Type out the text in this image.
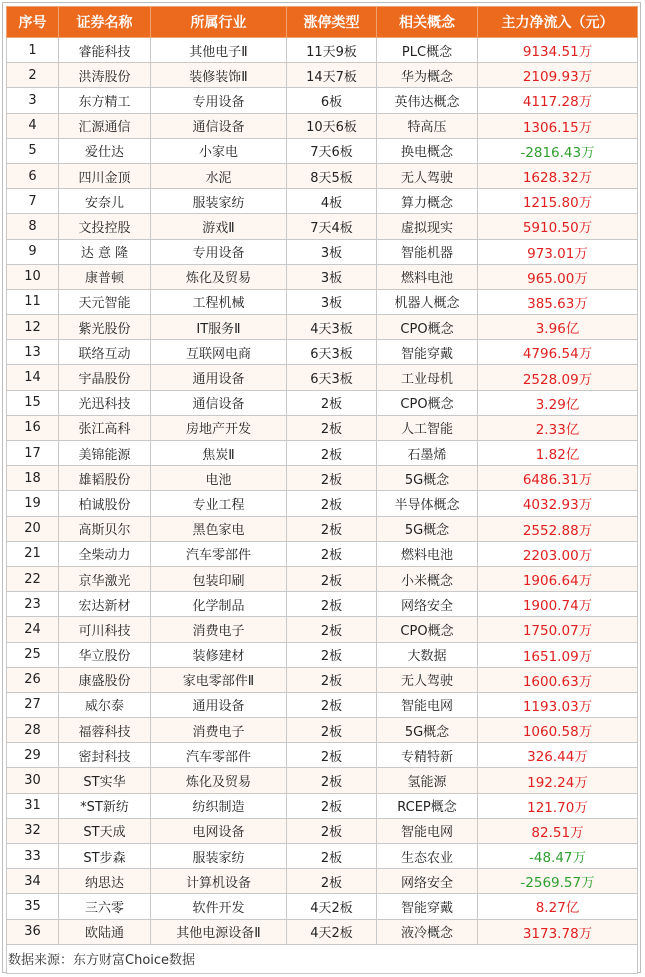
序号	证券名称	所属行业	涨停类型	相关概念	主力净流入（元）
1	睿能科技	其他电子Ⅱ	11天9板	PLC概念	9134.51万
2	洪涛股份	装修装饰Ⅱ	14天7板	华为概念	2109.93万
3	东方精工	专用设备	6板	英伟达概念	4117.28万
4	汇源通信	通信设备	10天6板	特高压	1306.15万
5	爱仕达	小家电	7天6板	换电概念	-2816.43万
6	四川金顶	水泥	8天5板	无人驾驶	1628.32万
7	安奈儿	服装家纺	4板	算力概念	1215.80万
8	文投控股	游戏Ⅱ	7天4板	虚拟现实	5910.50万
9	达 意 隆	专用设备	3板	智能机器	973.01万
10	康普顿	炼化及贸易	3板	燃料电池	965.00万
11	天元智能	工程机械	3板	机器人概念	385.63万
12	紫光股份	IT服务Ⅱ	4天3板	CPO概念	3.96亿
13	联络互动	互联网电商	6天3板	智能穿戴	4796.54万
14	宇晶股份	通用设备	6天3板	工业母机	2528.09万
15	光迅科技	通信设备	2板	CPO概念	3.29亿
16	张江高科	房地产开发	2板	人工智能	2.33亿
17	美锦能源	焦炭Ⅱ	2板	石墨烯	1.82亿
18	雄韬股份	电池	2板	5G概念	6486.31万
19	柏诚股份	专业工程	2板	半导体概念	4032.93万
20	高斯贝尔	黑色家电	2板	5G概念	2552.88万
21	全柴动力	汽车零部件	2板	燃料电池	2203.00万
22	京华激光	包装印刷	2板	小米概念	1906.64万
23	宏达新材	化学制品	2板	网络安全	1900.74万
24	可川科技	消费电子	2板	CPO概念	1750.07万
25	华立股份	装修建材	2板	大数据	1651.09万
26	康盛股份	家电零部件Ⅱ	2板	无人驾驶	1600.63万
27	威尔泰	通用设备	2板	智能电网	1193.03万
28	福蓉科技	消费电子	2板	5G概念	1060.58万
29	密封科技	汽车零部件	2板	专精特新	326.44万
30	ST实华	炼化及贸易	2板	氢能源	192.24万
31	*ST新纺	纺织制造	2板	RCEP概念	121.70万
32	ST天成	电网设备	2板	智能电网	82.51万
33	ST步森	服装家纺	2板	生态农业	-48.47万
34	纳思达	计算机设备	2板	网络安全	-2569.57万
35	三六零	软件开发	4天2板	智能穿戴	8.27亿
36	欧陆通	其他电源设备Ⅱ	4天2板	液冷概念	3173.78万
数据来源：东方财富Choice数据					
